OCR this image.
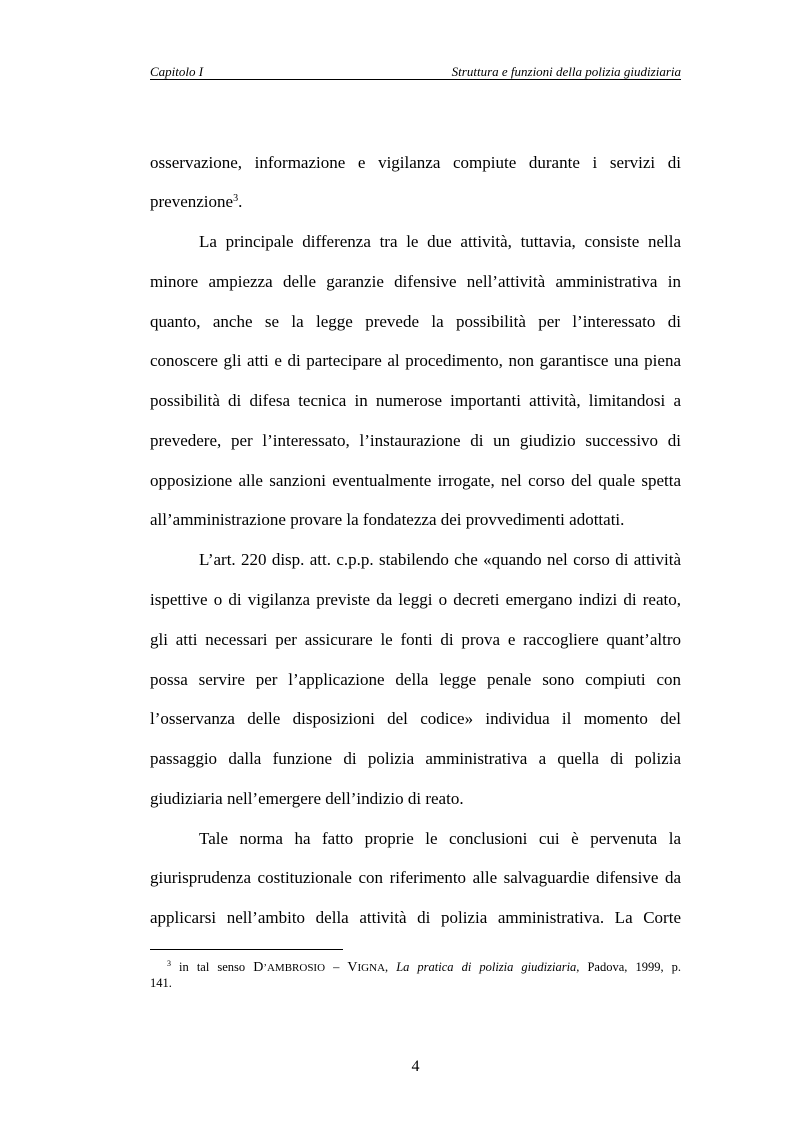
Capitolo I	Struttura e funzioni della polizia giudiziaria
osservazione, informazione e vigilanza compiute durante i servizi di
prevenzione$^3$.
La principale differenza tra le due attività, tuttavia, consiste nella
minore ampiezza delle garanzie difensive nell’attività amministrativa in
quanto, anche se la legge prevede la possibilità per l’interessato di
conoscere gli atti e di partecipare al procedimento, non garantisce una piena
possibilità di difesa tecnica in numerose importanti attività, limitandosi a
prevedere, per l’interessato, l’instaurazione di un giudizio successivo di
opposizione alle sanzioni eventualmente irrogate, nel corso del quale spetta
all’amministrazione provare la fondatezza dei provvedimenti adottati.
L’art. 220 disp. att. c.p.p. stabilendo che «quando nel corso di attività
ispettive o di vigilanza previste da leggi o decreti emergano indizi di reato,
gli atti necessari per assicurare le fonti di prova e raccogliere quant’altro
possa servire per l’applicazione della legge penale sono compiuti con
l’osservanza delle disposizioni del codice» individua il momento del
passaggio dalla funzione di polizia amministrativa a quella di polizia
giudiziaria nell’emergere dell’indizio di reato.
Tale norma ha fatto proprie le conclusioni cui è pervenuta la
giurisprudenza costituzionale con riferimento alle salvaguardie difensive da
applicarsi nell’ambito della attività di polizia amministrativa. La Corte
$^3$ in tal senso D’AMBROSIO – VIGNA, La pratica di polizia giudiziaria, Padova, 1999, p.
141.
4
